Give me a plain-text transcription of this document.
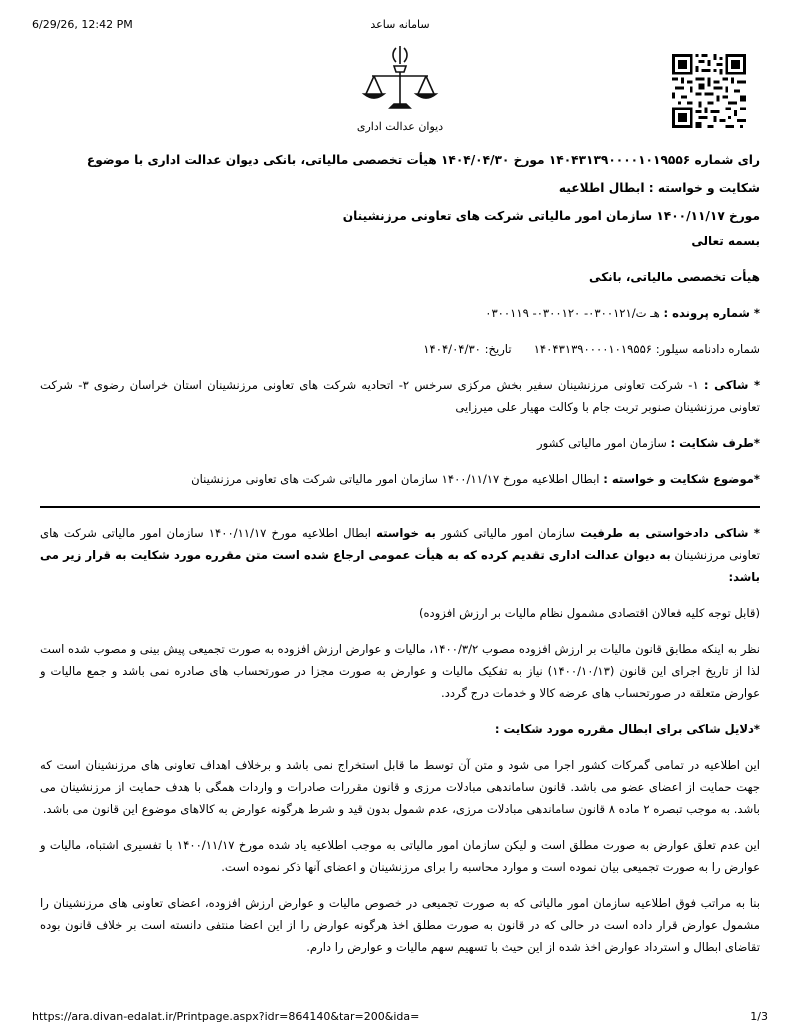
6/29/26, 12:42 PM	سامانه ساعد
دیوان عدالت اداری
رای شماره ۱۴۰۴۳۱۳۹۰۰۰۰۱۰۱۹۵۵۶ مورخ ۱۴۰۴/۰۴/۳۰ هیأت تخصصی مالیاتی، بانکی دیوان عدالت اداری با موضوع شکایت و خواسته : ابطال اطلاعیه
مورخ ۱۴۰۰/۱۱/۱۷ سازمان امور مالیاتی شرکت های تعاونی مرزنشینان

بسمه تعالی

هیأت تخصصی مالیاتی، بانکی

* شماره پرونده : هـ ت/۰۳۰۰۱۲۱- ۰۳۰۰۱۲۰- ۰۳۰۰۱۱۹

شماره دادنامه سیلور: ۱۴۰۴۳۱۳۹۰۰۰۰۱۰۱۹۵۵۶      تاریخ: ۱۴۰۴/۰۴/۳۰

* شاکی : ۱- شرکت تعاونی مرزنشینان سفیر بخش مرکزی سرخس ۲- اتحادیه شرکت های تعاونی مرزنشینان استان خراسان رضوی ۳- شرکت تعاونی مرزنشینان صنوبر تربت جام با وکالت مهیار علی میرزایی

*طرف شکایت : سازمان امور مالیاتی کشور

*موضوع شکایت و خواسته : ابطال اطلاعیه مورخ ۱۴۰۰/۱۱/۱۷ سازمان امور مالیاتی شرکت های تعاونی مرزنشینان

* شاکی دادخواستی به طرفیت سازمان امور مالیاتی کشور به خواسته ابطال اطلاعیه مورخ ۱۴۰۰/۱۱/۱۷ سازمان امور مالیاتی شرکت های تعاونی مرزنشینان به دیوان عدالت اداری تقدیم کرده که به هیأت عمومی ارجاع شده است متن مقرره مورد شکایت به قرار زیر می باشد:

(قابل توجه کلیه فعالان اقتصادی مشمول نظام مالیات بر ارزش افزوده)

نظر به اینکه مطابق قانون مالیات بر ارزش افزوده مصوب ۱۴۰۰/۳/۲، مالیات و عوارض ارزش افزوده به صورت تجمیعی پیش بینی و مصوب شده است لذا از تاریخ اجرای این قانون (۱۴۰۰/۱۰/۱۳) نیاز به تفکیک مالیات و عوارض به صورت مجزا در صورتحساب های صادره نمی باشد و جمع مالیات و عوارض متعلقه در صورتحساب های عرضه کالا و خدمات درج گردد.

*دلایل شاکی برای ابطال مقرره مورد شکایت :

این اطلاعیه در تمامی گمرکات کشور اجرا می شود و متن آن توسط ما قابل استخراج نمی باشد و برخلاف اهداف تعاونی های مرزنشینان است که جهت حمایت از اعضای عضو می باشد. قانون ساماندهی مبادلات مرزی و قانون مقررات صادرات و واردات همگی با هدف حمایت از مرزنشینان می باشد. به موجب تبصره ۲ ماده ۸ قانون ساماندهی مبادلات مرزی، عدم شمول بدون قید و شرط هرگونه عوارض به کالاهای موضوع این قانون می باشد.

این عدم تعلق عوارض به صورت مطلق است و لیکن سازمان امور مالیاتی به موجب اطلاعیه یاد شده مورخ ۱۴۰۰/۱۱/۱۷ با تفسیری اشتباه، مالیات و عوارض را به صورت تجمیعی بیان نموده است و موارد محاسبه را برای مرزنشینان و اعضای آنها ذکر نموده است.

بنا به مراتب فوق اطلاعیه سازمان امور مالیاتی که به صورت تجمیعی در خصوص مالیات و عوارض ارزش افزوده، اعضای تعاونی های مرزنشینان را مشمول عوارض قرار داده است در حالی که در قانون به صورت مطلق اخذ هرگونه عوارض را از این اعضا منتفی دانسته است بر خلاف قانون بوده تقاضای ابطال و استرداد عوارض اخذ شده از این حیث با تسهیم سهم مالیات و عوارض را دارم.

https://ara.divan-edalat.ir/Printpage.aspx?idr=864140&tar=200&ida=	1/3
